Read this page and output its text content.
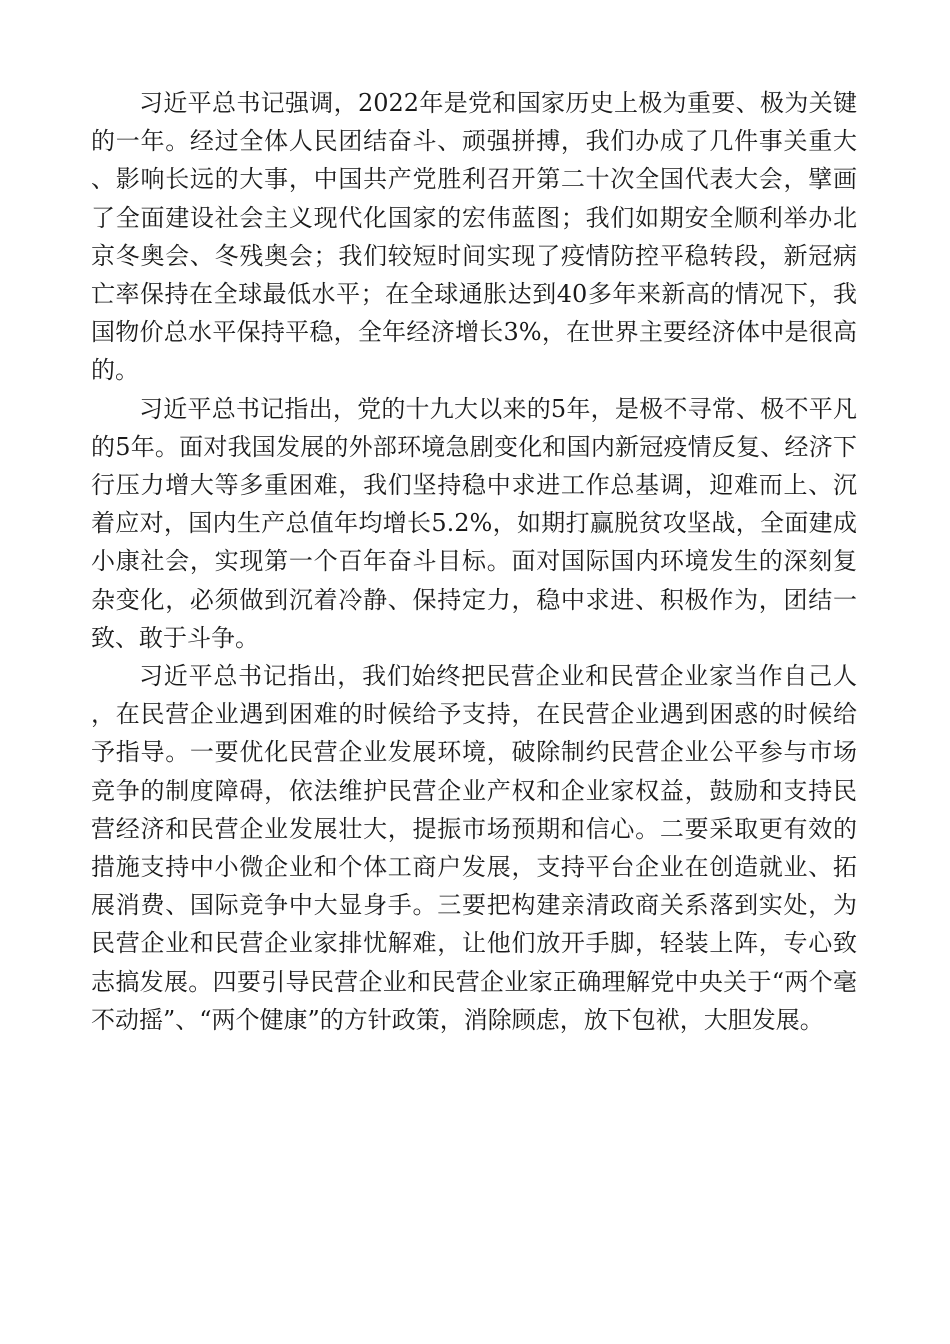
习近平总书记强调，2022年是党和国家历史上极为重要、极为关键的一年。经过全体人民团结奋斗、顽强拼搏，我们办成了几件事关重大、影响长远的大事，中国共产党胜利召开第二十次全国代表大会，擘画了全面建设社会主义现代化国家的宏伟蓝图；我们如期安全顺利举办北京冬奥会、冬残奥会；我们较短时间实现了疫情防控平稳转段，新冠病亡率保持在全球最低水平；在全球通胀达到40多年来新高的情况下，我国物价总水平保持平稳，全年经济增长3%，在世界主要经济体中是很高的。

习近平总书记指出，党的十九大以来的5年，是极不寻常、极不平凡的5年。面对我国发展的外部环境急剧变化和国内新冠疫情反复、经济下行压力增大等多重困难，我们坚持稳中求进工作总基调，迎难而上、沉着应对，国内生产总值年均增长5.2%，如期打赢脱贫攻坚战，全面建成小康社会，实现第一个百年奋斗目标。面对国际国内环境发生的深刻复杂变化，必须做到沉着冷静、保持定力，稳中求进、积极作为，团结一致、敢于斗争。

习近平总书记指出，我们始终把民营企业和民营企业家当作自己人，在民营企业遇到困难的时候给予支持，在民营企业遇到困惑的时候给予指导。一要优化民营企业发展环境，破除制约民营企业公平参与市场竞争的制度障碍，依法维护民营企业产权和企业家权益，鼓励和支持民营经济和民营企业发展壮大，提振市场预期和信心。二要采取更有效的措施支持中小微企业和个体工商户发展，支持平台企业在创造就业、拓展消费、国际竞争中大显身手。三要把构建亲清政商关系落到实处，为民营企业和民营企业家排忧解难，让他们放开手脚，轻装上阵，专心致志搞发展。四要引导民营企业和民营企业家正确理解党中央关于“两个毫不动摇”、“两个健康”的方针政策，消除顾虑，放下包袱，大胆发展。
